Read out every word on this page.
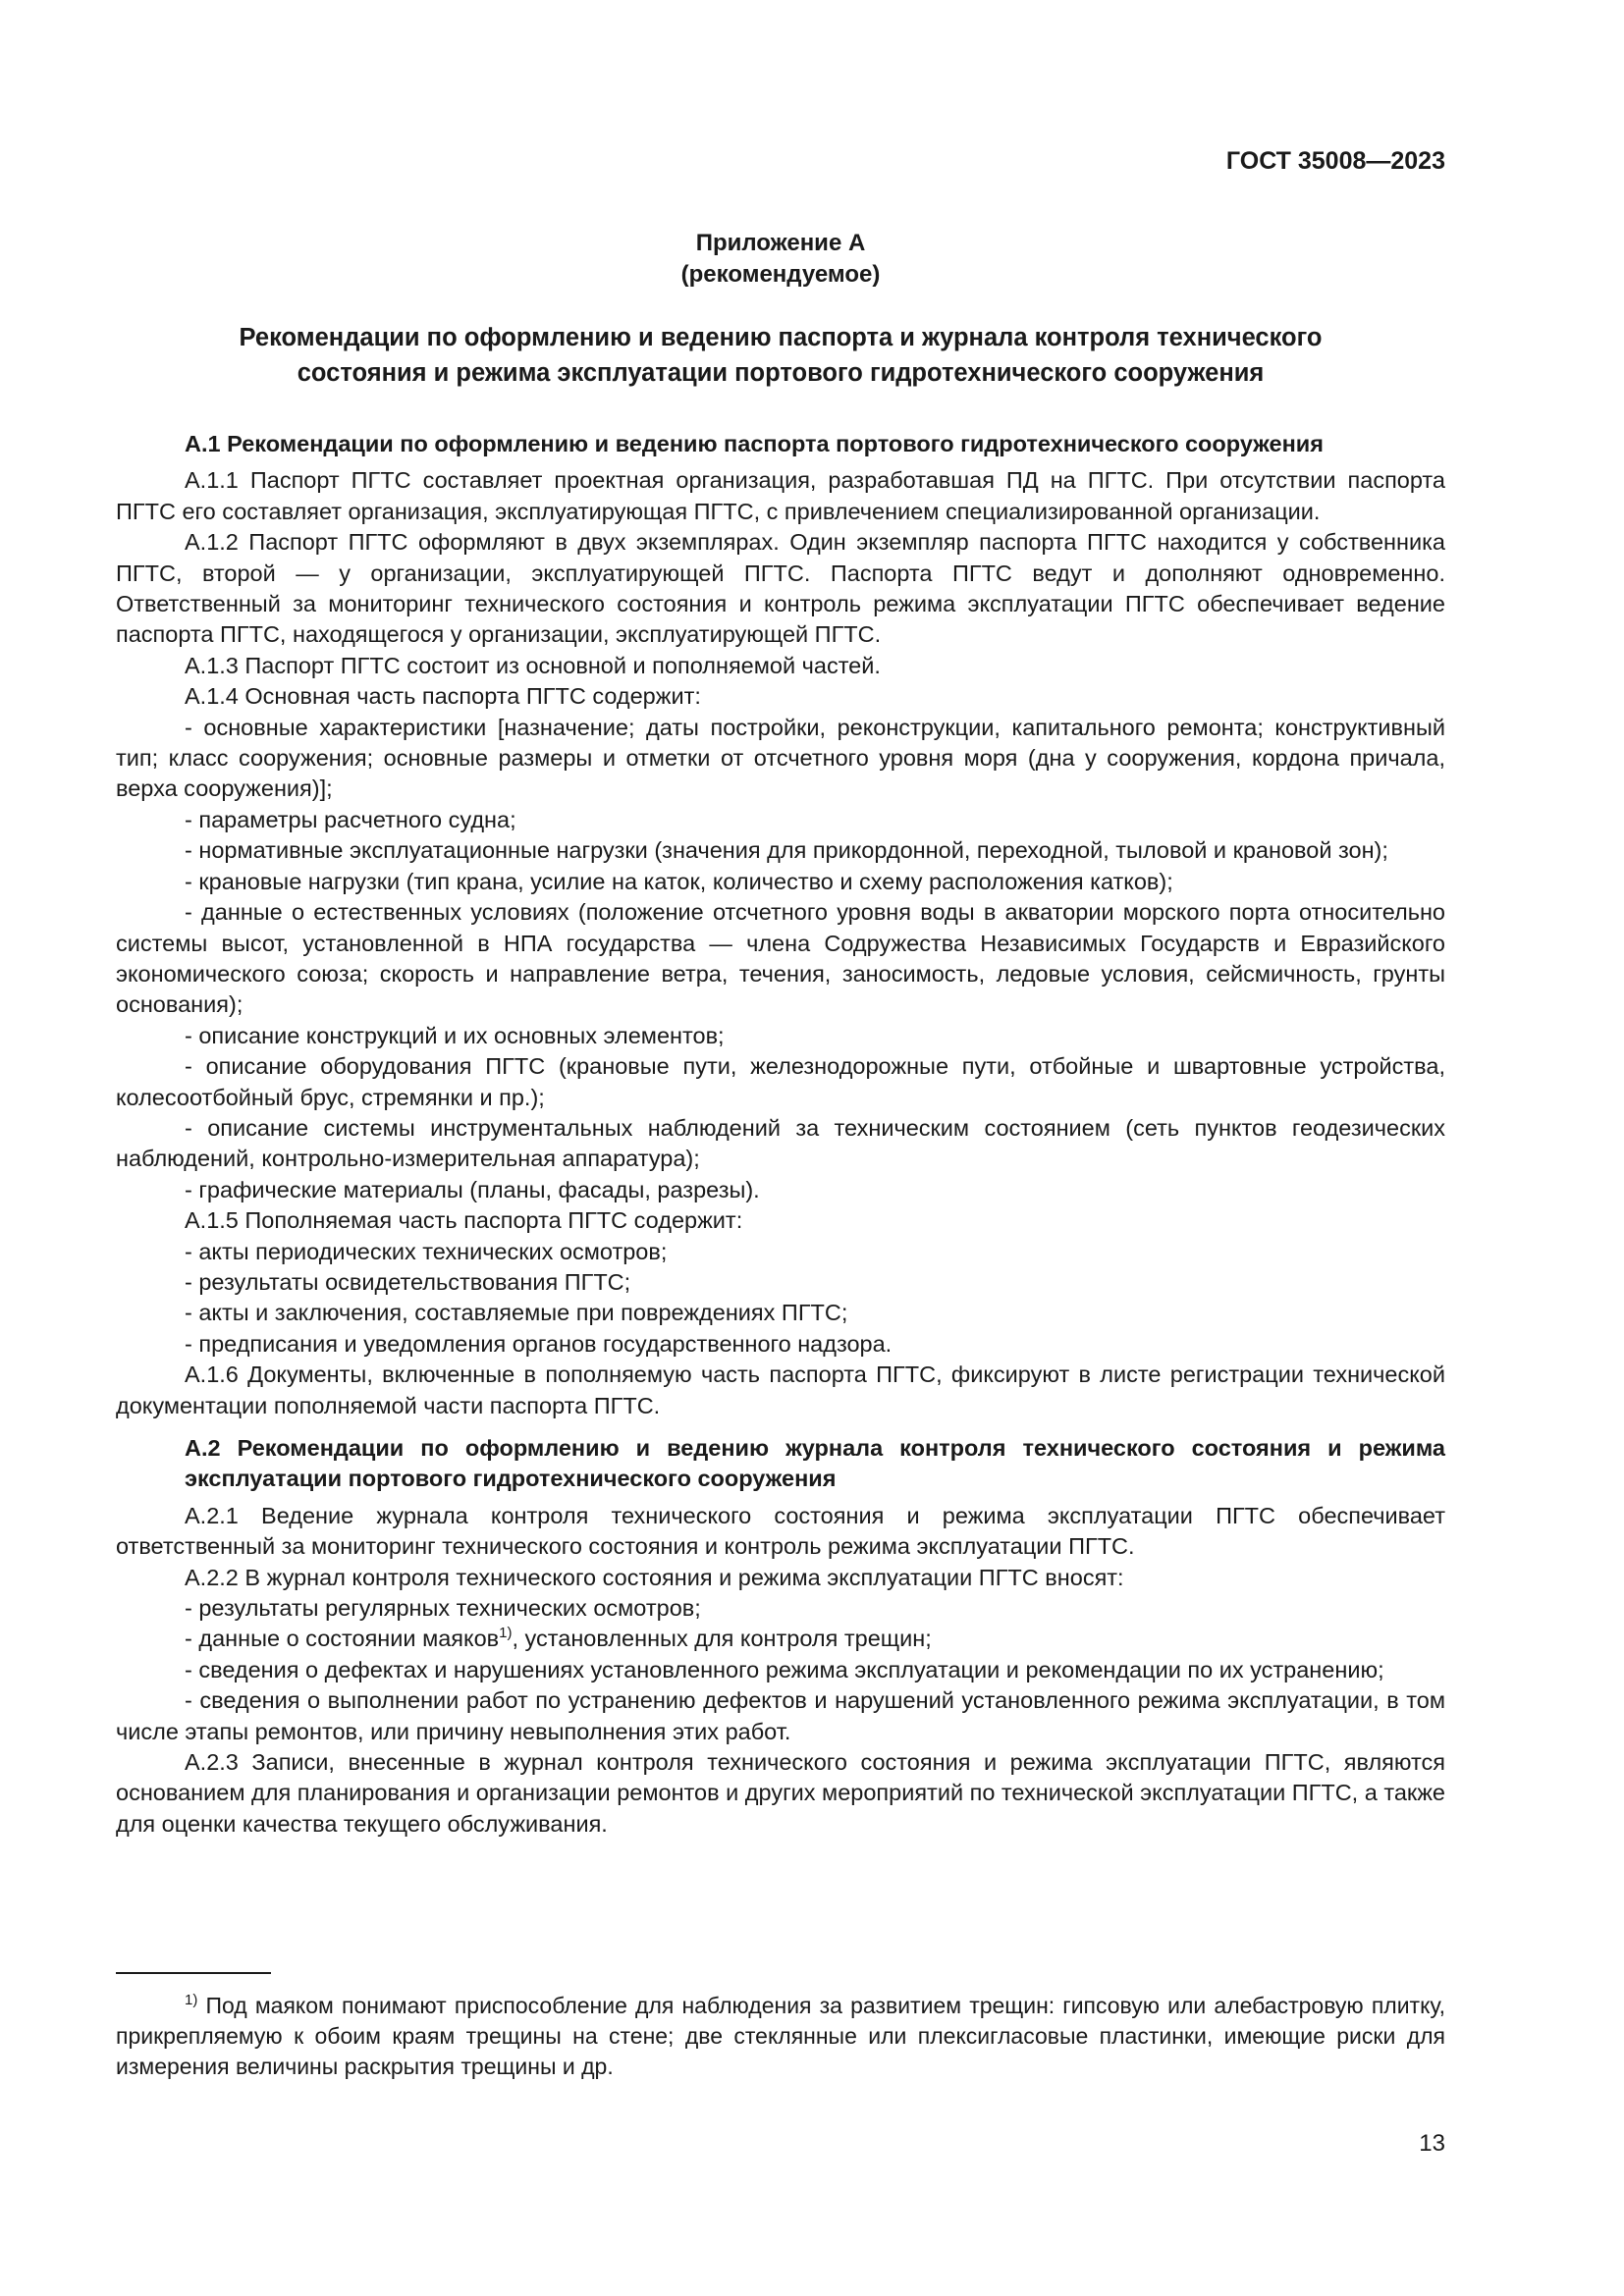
ГОСТ 35008—2023
Приложение А
(рекомендуемое)
Рекомендации по оформлению и ведению паспорта и журнала контроля технического
состояния и режима эксплуатации портового гидротехнического сооружения

А.1 Рекомендации по оформлению и ведению паспорта портового гидротехнического сооружения

А.1.1 Паспорт ПГТС составляет проектная организация, разработавшая ПД на ПГТС. При отсутствии паспорта ПГТС его составляет организация, эксплуатирующая ПГТС, с привлечением специализированной организации.

А.1.2 Паспорт ПГТС оформляют в двух экземплярах. Один экземпляр паспорта ПГТС находится у собственника ПГТС, второй — у организации, эксплуатирующей ПГТС. Паспорта ПГТС ведут и дополняют одновременно. Ответственный за мониторинг технического состояния и контроль режима эксплуатации ПГТС обеспечивает ведение паспорта ПГТС, находящегося у организации, эксплуатирующей ПГТС.

А.1.3 Паспорт ПГТС состоит из основной и пополняемой частей.

А.1.4 Основная часть паспорта ПГТС содержит:

- основные характеристики [назначение; даты постройки, реконструкции, капитального ремонта; конструктивный тип; класс сооружения; основные размеры и отметки от отсчетного уровня моря (дна у сооружения, кордона причала, верха сооружения)];

- параметры расчетного судна;

- нормативные эксплуатационные нагрузки (значения для прикордонной, переходной, тыловой и крановой зон);

- крановые нагрузки (тип крана, усилие на каток, количество и схему расположения катков);

- данные о естественных условиях (положение отсчетного уровня воды в акватории морского порта относительно системы высот, установленной в НПА государства — члена Содружества Независимых Государств и Евразийского экономического союза; скорость и направление ветра, течения, заносимость, ледовые условия, сейсмичность, грунты основания);

- описание конструкций и их основных элементов;

- описание оборудования ПГТС (крановые пути, железнодорожные пути, отбойные и швартовные устройства, колесоотбойный брус, стремянки и пр.);

- описание системы инструментальных наблюдений за техническим состоянием (сеть пунктов геодезических наблюдений, контрольно-измерительная аппаратура);

- графические материалы (планы, фасады, разрезы).

А.1.5 Пополняемая часть паспорта ПГТС содержит:

- акты периодических технических осмотров;

- результаты освидетельствования ПГТС;

- акты и заключения, составляемые при повреждениях ПГТС;

- предписания и уведомления органов государственного надзора.

А.1.6 Документы, включенные в пополняемую часть паспорта ПГТС, фиксируют в листе регистрации технической документации пополняемой части паспорта ПГТС.

А.2 Рекомендации по оформлению и ведению журнала контроля технического состояния и режима эксплуатации портового гидротехнического сооружения

А.2.1 Ведение журнала контроля технического состояния и режима эксплуатации ПГТС обеспечивает ответственный за мониторинг технического состояния и контроль режима эксплуатации ПГТС.

А.2.2 В журнал контроля технического состояния и режима эксплуатации ПГТС вносят:

- результаты регулярных технических осмотров;

- данные о состоянии маяков$^{1)}$, установленных для контроля трещин;

- сведения о дефектах и нарушениях установленного режима эксплуатации и рекомендации по их устранению;

- сведения о выполнении работ по устранению дефектов и нарушений установленного режима эксплуатации, в том числе этапы ремонтов, или причину невыполнения этих работ.

А.2.3 Записи, внесенные в журнал контроля технического состояния и режима эксплуатации ПГТС, являются основанием для планирования и организации ремонтов и других мероприятий по технической эксплуатации ПГТС, а также для оценки качества текущего обслуживания.

$^{1)}$ Под маяком понимают приспособление для наблюдения за развитием трещин: гипсовую или алебастровую плитку, прикрепляемую к обоим краям трещины на стене; две стеклянные или плексигласовые пластинки, имеющие риски для измерения величины раскрытия трещины и др.

13
